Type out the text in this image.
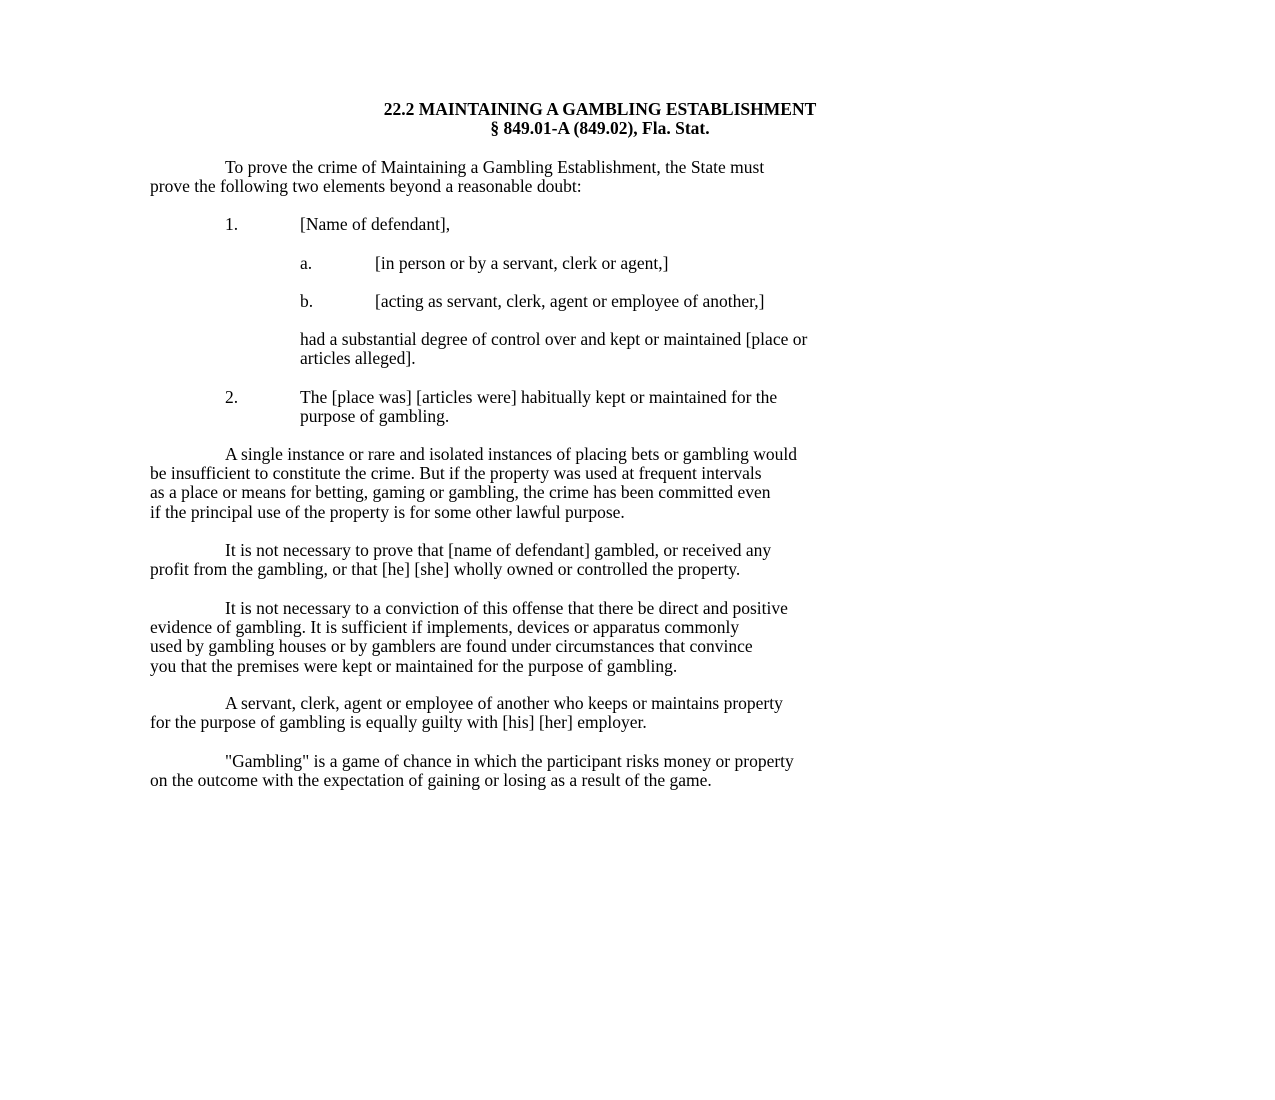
22.2 MAINTAINING A GAMBLING ESTABLISHMENT
§ 849.01-A (849.02), Fla. Stat.
To prove the crime of Maintaining a Gambling Establishment, the State must
prove the following two elements beyond a reasonable doubt:
1.	[Name of defendant],
a.	[in person or by a servant, clerk or agent,]
b.	[acting as servant, clerk, agent or employee of another,]
had a substantial degree of control over and kept or maintained [place or
articles alleged].
2.	The [place was] [articles were] habitually kept or maintained for the
purpose of gambling.
A single instance or rare and isolated instances of placing bets or gambling would
be insufficient to constitute the crime. But if the property was used at frequent intervals
as a place or means for betting, gaming or gambling, the crime has been committed even
if the principal use of the property is for some other lawful purpose.
It is not necessary to prove that [name of defendant] gambled, or received any
profit from the gambling, or that [he] [she] wholly owned or controlled the property.
It is not necessary to a conviction of this offense that there be direct and positive
evidence of gambling. It is sufficient if implements, devices or apparatus commonly
used by gambling houses or by gamblers are found under circumstances that convince
you that the premises were kept or maintained for the purpose of gambling.
A servant, clerk, agent or employee of another who keeps or maintains property
for the purpose of gambling is equally guilty with [his] [her] employer.
"Gambling" is a game of chance in which the participant risks money or property
on the outcome with the expectation of gaining or losing as a result of the game.
